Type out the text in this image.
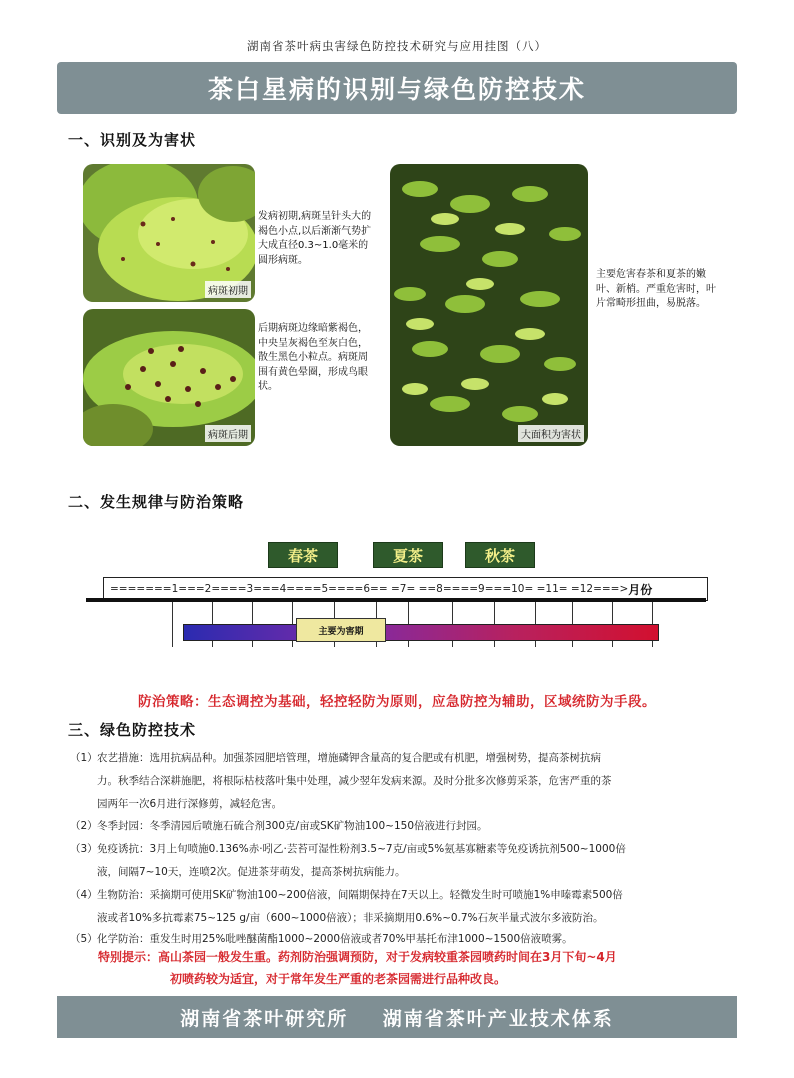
湖南省茶叶病虫害绿色防控技术研究与应用挂图（八）
茶白星病的识别与绿色防控技术
一、识别及为害状
病斑初期
发病初期,病斑呈针头大的褐色小点,以后渐渐气势扩大成直径0.3~1.0毫米的圆形病斑。
病斑后期
后期病斑边缘暗紫褐色，中央呈灰褐色至灰白色，散生黑色小粒点。病斑周围有黄色晕圈，形成鸟眼状。
大面积为害状
主要危害春茶和夏茶的嫩叶、新梢。严重危害时，叶片常畸形扭曲，易脱落。
二、发生规律与防治策略
春茶	夏茶	秋茶
=======1===2====3===4====5====6== =7= ==8====9===10= =11= =12===> 月份
主要为害期
防治策略：生态调控为基础，轻控轻防为原则，应急防控为辅助，区域统防为手段。
三、绿色防控技术
（1） 农艺措施：选用抗病品种。加强茶园肥培管理，增施磷钾含量高的复合肥或有机肥，增强树势，提高茶树抗病
力。秋季结合深耕施肥，将根际枯枝落叶集中处理，减少翌年发病来源。及时分批多次修剪采茶，危害严重的茶
园两年一次6月进行深修剪，减轻危害。
（2） 冬季封园：冬季清园后喷施石硫合剂300克/亩或SK矿物油100~150倍液进行封园。
（3） 免疫诱抗：3月上旬喷施0.136%赤·吲乙·芸苔可湿性粉剂3.5~7克/亩或5%氨基寡糖素等免疫诱抗剂500~1000倍
液，间隔7~10天，连喷2次。促进茶芽萌发，提高茶树抗病能力。
（4） 生物防治：采摘期可使用SK矿物油100~200倍液，间隔期保持在7天以上。轻微发生时可喷施1%申嗪霉素500倍
液或者10%多抗霉素75~125 g/亩（600~1000倍液）；非采摘期用0.6%~0.7%石灰半量式波尔多液防治。
（5） 化学防治：重发生时用25%吡唑醚菌酯1000~2000倍液或者70%甲基托布津1000~1500倍液喷雾。
特别提示：高山茶园一般发生重。药剂防治强调预防，对于发病较重茶园喷药时间在3月下旬~4月
初喷药较为适宜，对于常年发生严重的老茶园需进行品种改良。
湖南省茶叶研究所    湖南省茶叶产业技术体系
